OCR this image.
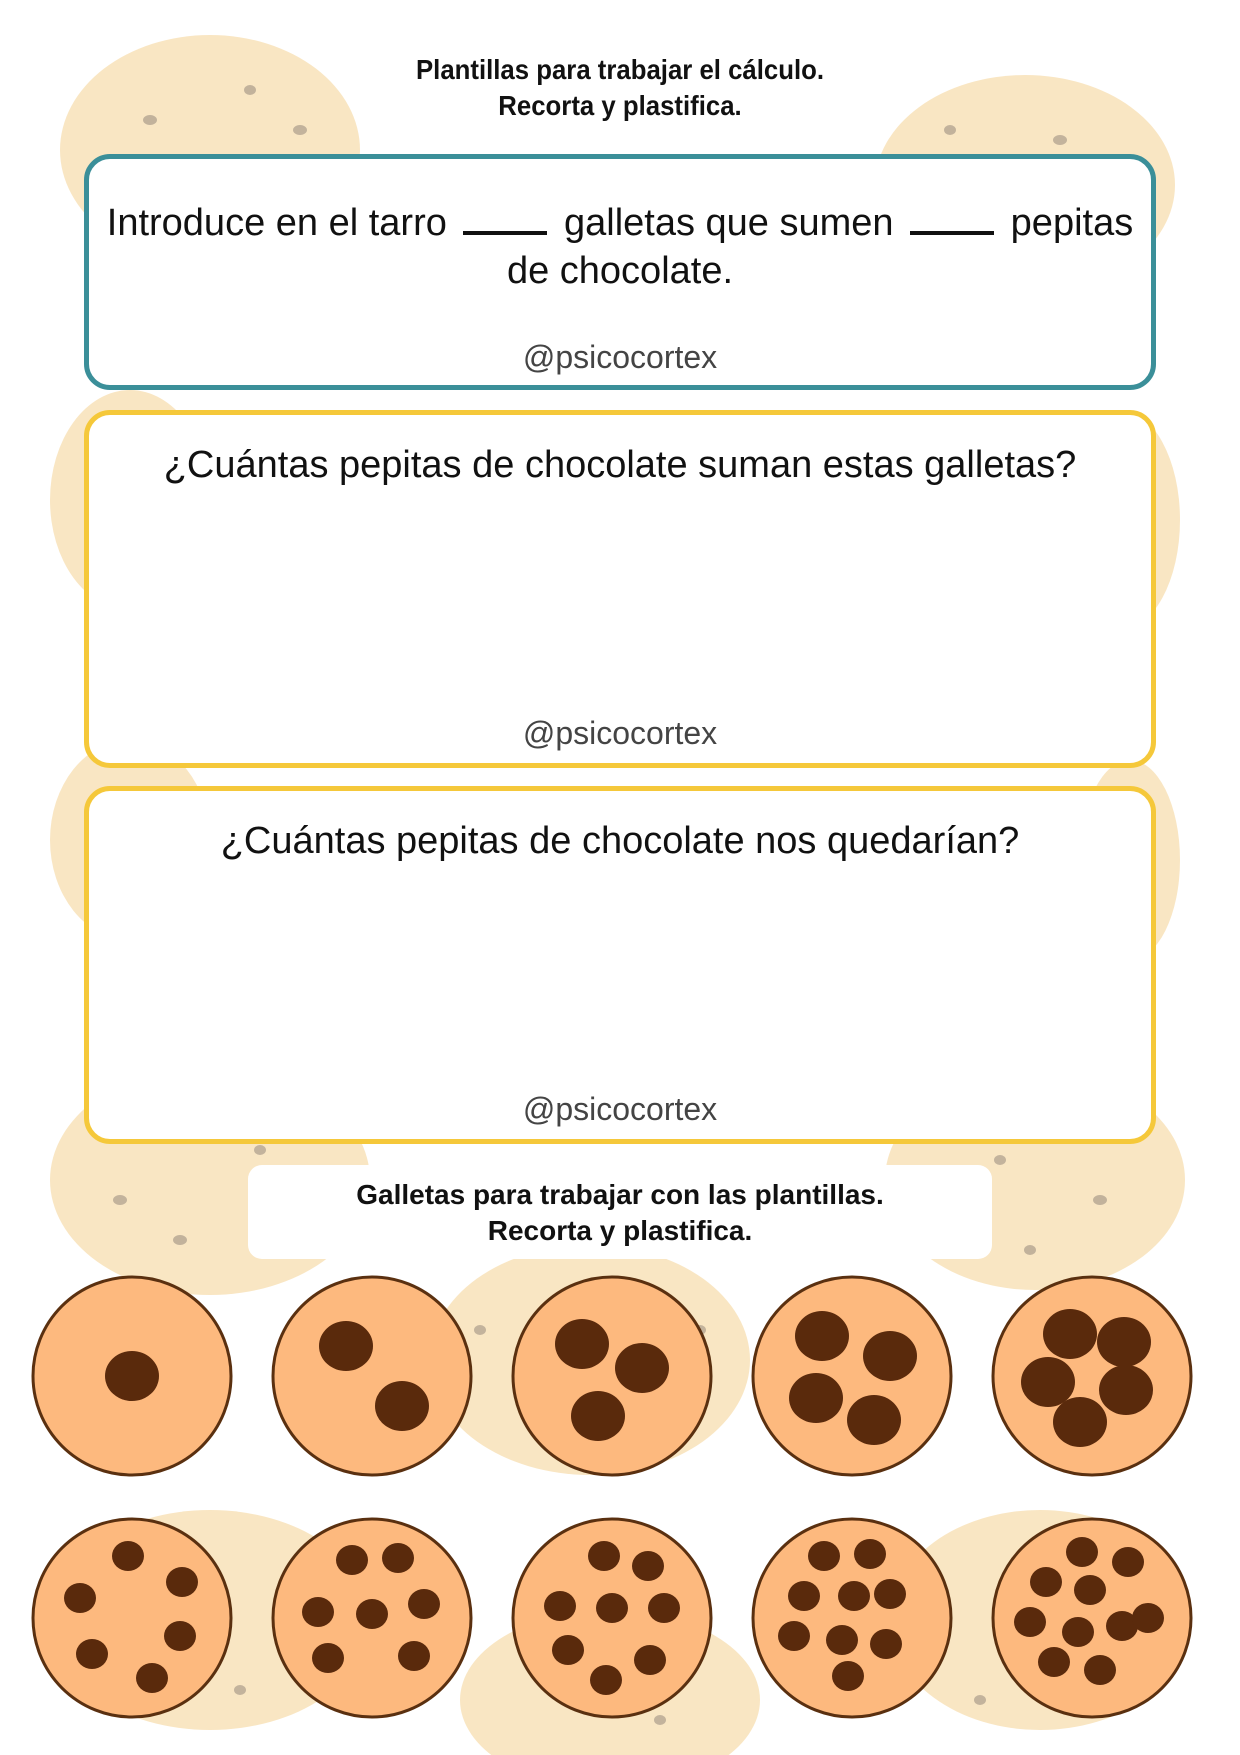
Plantillas para trabajar el cálculo.
Recorta y plastifica.
Introduce en el tarro	galletas que sumen	pepitas
de chocolate.
@psicocortex
¿Cuántas pepitas de chocolate suman estas galletas?
@psicocortex
¿Cuántas pepitas de chocolate nos quedarían?
@psicocortex
Galletas para trabajar con las plantillas.
Recorta y plastifica.
